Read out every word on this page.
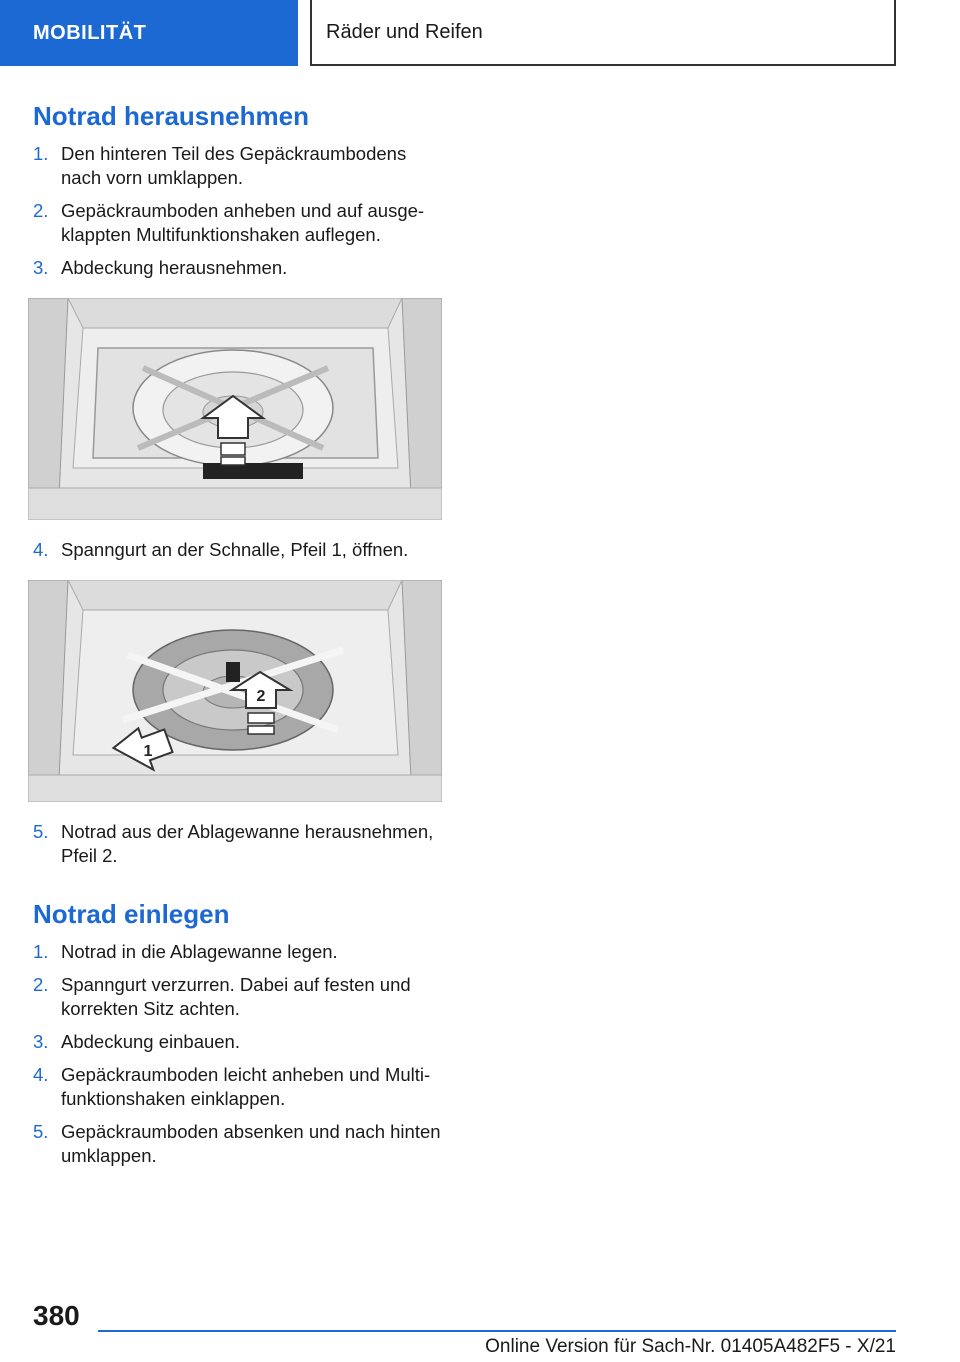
MOBILITÄT	Räder und Reifen
Notrad herausnehmen
1. Den hinteren Teil des Gepäckraumbodens nach vorn umklappen.
2. Gepäckraumboden anheben und auf ausgeklappten Multifunktionshaken auflegen.
3. Abdeckung herausnehmen.
4. Spanngurt an der Schnalle, Pfeil 1, öffnen.
2
1
5. Notrad aus der Ablagewanne herausnehmen, Pfeil 2.
Notrad einlegen
1. Notrad in die Ablagewanne legen.
2. Spanngurt verzurren. Dabei auf festen und korrekten Sitz achten.
3. Abdeckung einbauen.
4. Gepäckraumboden leicht anheben und Multifunktionshaken einklappen.
5. Gepäckraumboden absenken und nach hinten umklappen.
380
Online Version für Sach-Nr. 01405A482F5 - X/21
